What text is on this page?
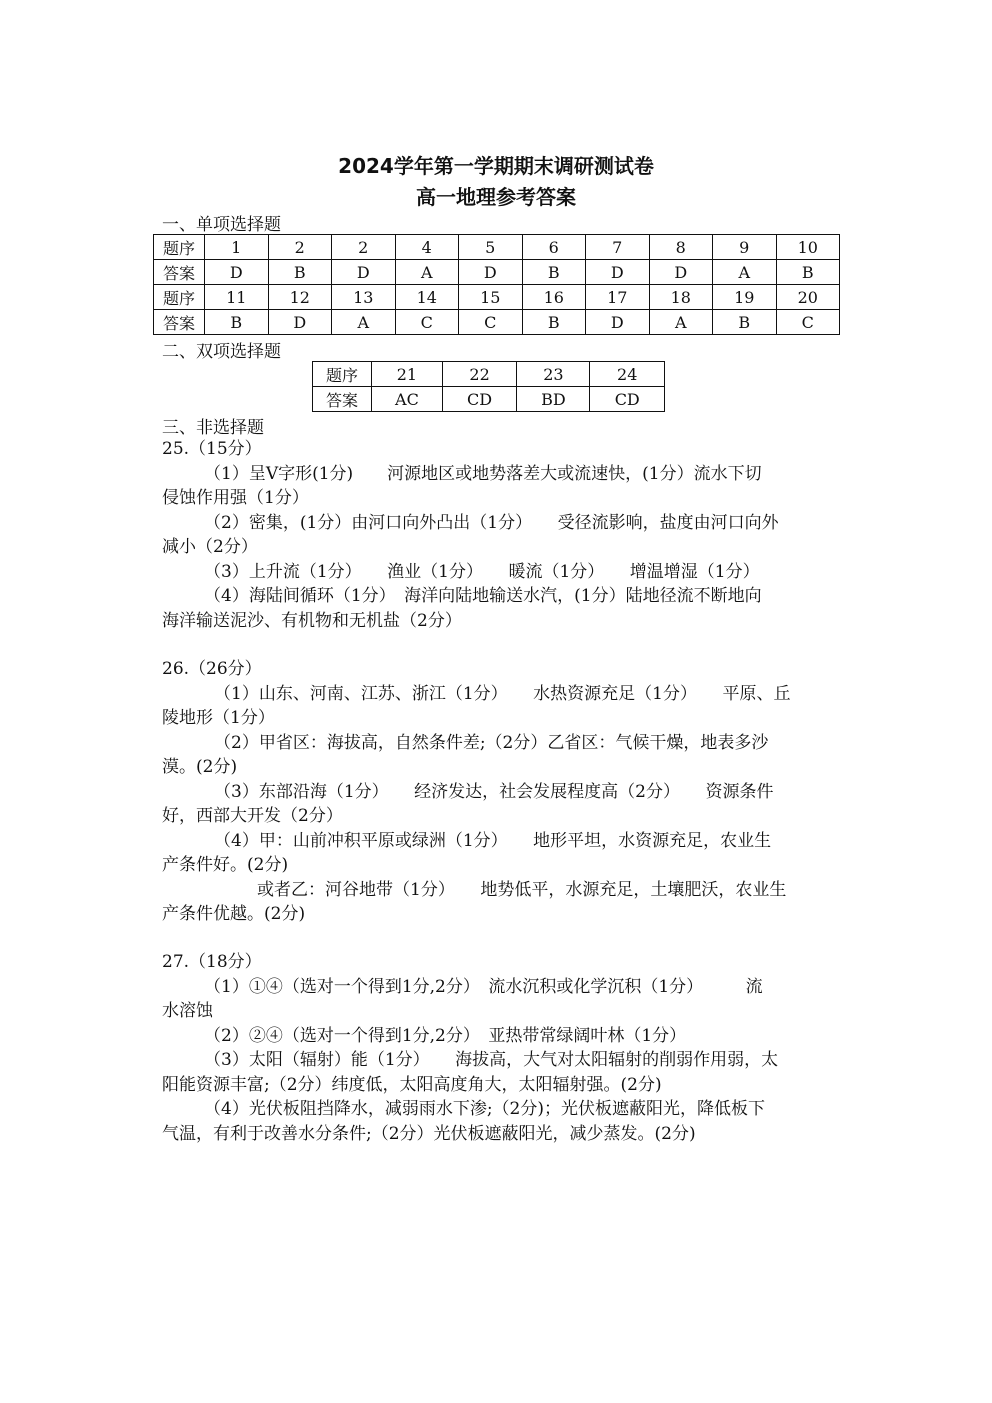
2024学年第一学期期末调研测试卷
高一地理参考答案
一、单项选择题
题序	1	2	2	4	5	6	7	8	9	10
答案	D	B	D	A	D	B	D	D	A	B
题序	11	12	13	14	15	16	17	18	19	20
答案	B	D	A	C	C	B	D	A	B	C
二、双项选择题
题序	21	22	23	24
答案	AC	CD	BD	CD
三、非选择题
25.（15分）
（1）呈V字形(1分)　　河源地区或地势落差大或流速快，(1分）流水下切
侵蚀作用强（1分）
（2）密集，(1分）由河口向外凸出（1分）　　受径流影响，盐度由河口向外
减小（2分）
（3）上升流（1分）　　渔业（1分）　　暖流（1分）　　增温增湿（1分）
（4）海陆间循环（1分）　海洋向陆地输送水汽，(1分）陆地径流不断地向
海洋输送泥沙、有机物和无机盐（2分）
26.（26分）
（1）山东、河南、江苏、浙江（1分）　　水热资源充足（1分）　　平原、丘
陵地形（1分）
（2）甲省区：海拔高，自然条件差;（2分）乙省区：气候干燥，地表多沙
漠。(2分)
（3）东部沿海（1分）　　经济发达，社会发展程度高（2分）　　资源条件
好，西部大开发（2分）
（4）甲：山前冲积平原或绿洲（1分）　　地形平坦，水资源充足，农业生
产条件好。(2分)
或者乙：河谷地带（1分）　　地势低平，水源充足，土壤肥沃，农业生
产条件优越。(2分)
27.（18分）
（1）①④（选对一个得到1分,2分）　流水沉积或化学沉积（1分）　　　流
水溶蚀
（2）②④（选对一个得到1分,2分）　亚热带常绿阔叶林（1分）
（3）太阳（辐射）能（1分）　　海拔高，大气对太阳辐射的削弱作用弱，太
阳能资源丰富;（2分）纬度低，太阳高度角大，太阳辐射强。(2分)
（4）光伏板阻挡降水，减弱雨水下渗;（2分)；光伏板遮蔽阳光，降低板下
气温，有利于改善水分条件;（2分）光伏板遮蔽阳光，减少蒸发。(2分)
